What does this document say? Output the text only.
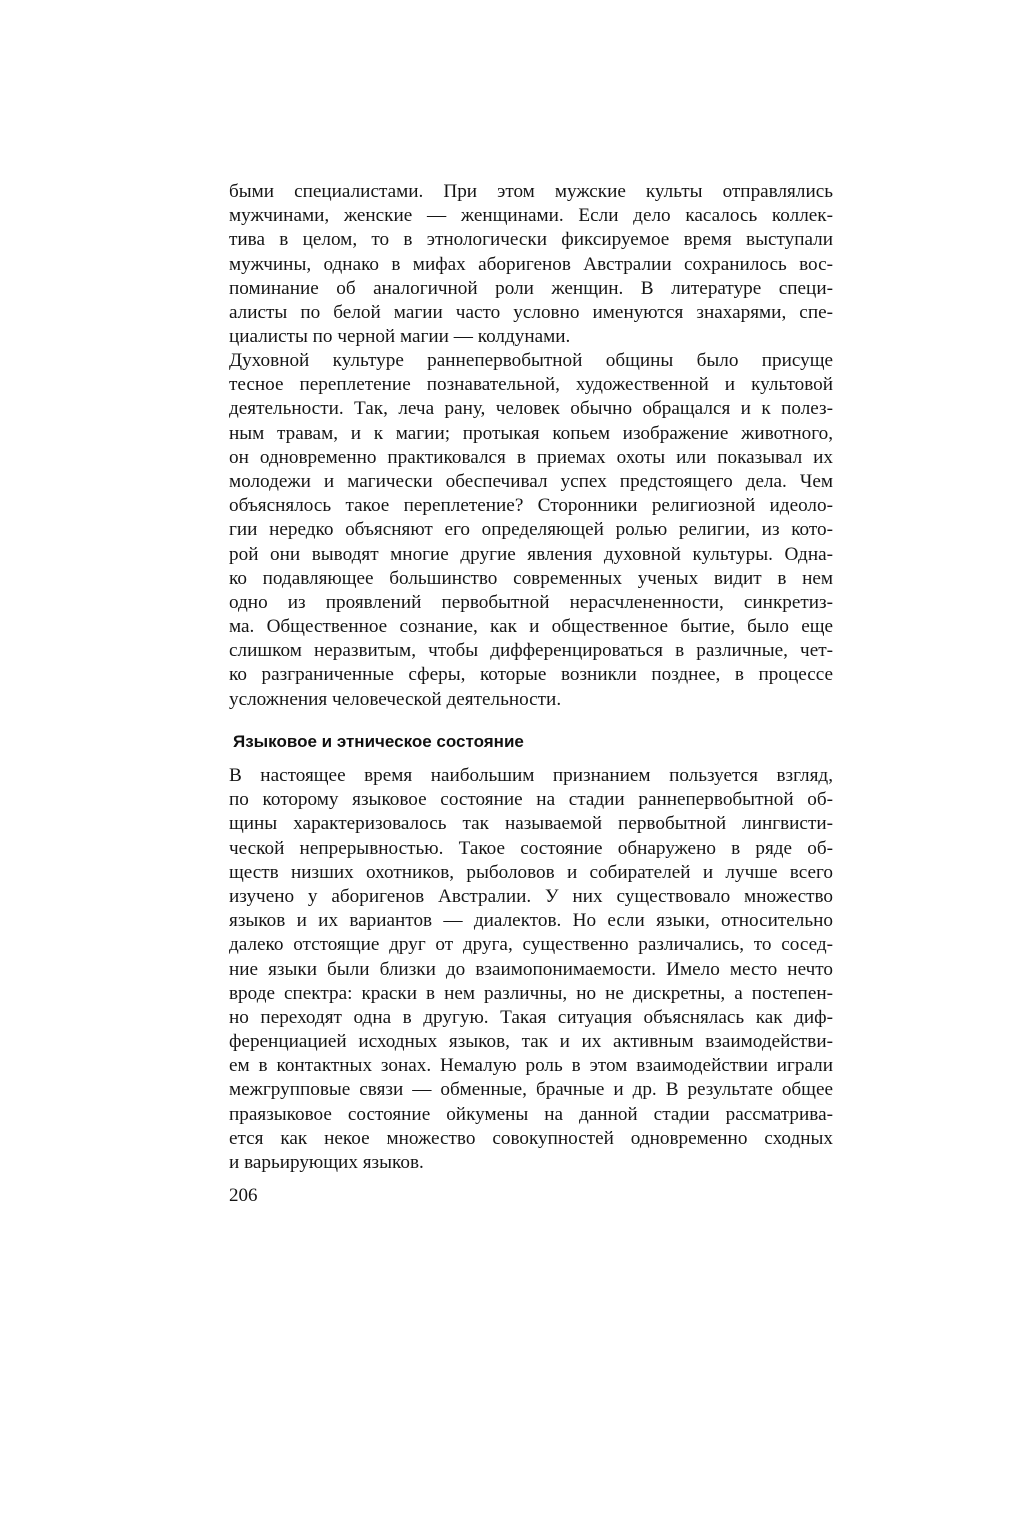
быми специалистами. При этом мужские культы отправлялись
мужчинами, женские — женщинами. Если дело касалось коллек-
тива в целом, то в этнологически фиксируемое время выступали
мужчины, однако в мифах аборигенов Австралии сохранилось вос-
поминание об аналогичной роли женщин. В литературе специ-
алисты по белой магии часто условно именуются знахарями, спе-
циалисты по черной магии — колдунами.
Духовной культуре раннепервобытной общины было присуще
тесное переплетение познавательной, художественной и культовой
деятельности. Так, леча рану, человек обычно обращался и к полез-
ным травам, и к магии; протыкая копьем изображение животного,
он одновременно практиковался в приемах охоты или показывал их
молодежи и магически обеспечивал успех предстоящего дела. Чем
объяснялось такое переплетение? Сторонники религиозной идеоло-
гии нередко объясняют его определяющей ролью религии, из кото-
рой они выводят многие другие явления духовной культуры. Одна-
ко подавляющее большинство современных ученых видит в нем
одно из проявлений первобытной нерасчлененности, синкретиз-
ма. Общественное сознание, как и общественное бытие, было еще
слишком неразвитым, чтобы дифференцироваться в различные, чет-
ко разграниченные сферы, которые возникли позднее, в процессе
усложнения человеческой деятельности.
Языковое и этническое состояние
В настоящее время наибольшим признанием пользуется взгляд,
по которому языковое состояние на стадии раннепервобытной об-
щины характеризовалось так называемой первобытной лингвисти-
ческой непрерывностью. Такое состояние обнаружено в ряде об-
ществ низших охотников, рыболовов и собирателей и лучше всего
изучено у аборигенов Австралии. У них существовало множество
языков и их вариантов — диалектов. Но если языки, относительно
далеко отстоящие друг от друга, существенно различались, то сосед-
ние языки были близки до взаимопонимаемости. Имело место нечто
вроде спектра: краски в нем различны, но не дискретны, а постепен-
но переходят одна в другую. Такая ситуация объяснялась как диф-
ференциацией исходных языков, так и их активным взаимодействи-
ем в контактных зонах. Немалую роль в этом взаимодействии играли
межгрупповые связи — обменные, брачные и др. В результате общее
праязыковое состояние ойкумены на данной стадии рассматрива-
ется как некое множество совокупностей одновременно сходных
и варьирующих языков.
206
